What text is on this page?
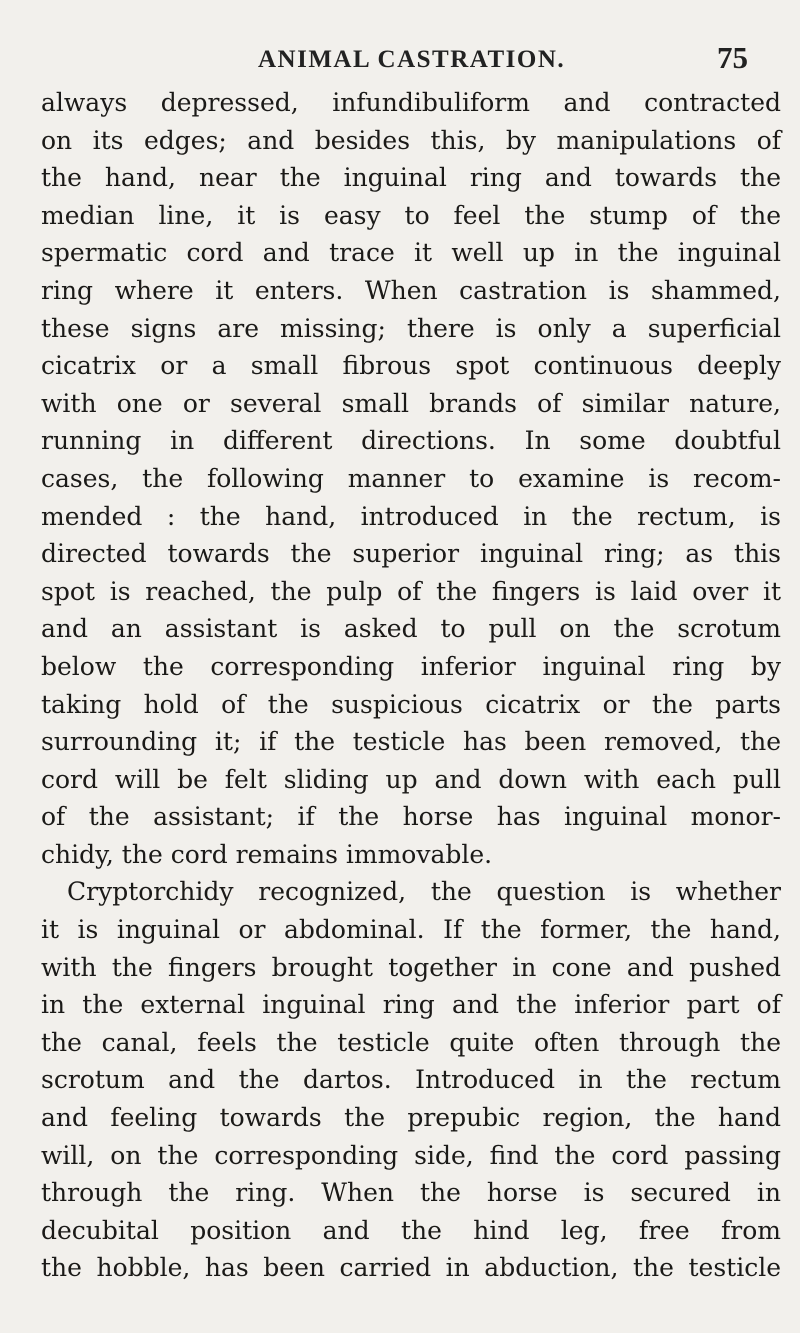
ANIMAL CASTRATION.	75
always depressed, infundibuliform and contracted
on its edges; and besides this, by manipulations of
the hand, near the inguinal ring and towards the
median line, it is easy to feel the stump of the
spermatic cord and trace it well up in the inguinal
ring where it enters. When castration is shammed,
these signs are missing; there is only a superficial
cicatrix or a small fibrous spot continuous deeply
with one or several small brands of similar nature,
running in different directions. In some doubtful
cases, the following manner to examine is recom-
mended : the hand, introduced in the rectum, is
directed towards the superior inguinal ring; as this
spot is reached, the pulp of the fingers is laid over it
and an assistant is asked to pull on the scrotum
below the corresponding inferior inguinal ring by
taking hold of the suspicious cicatrix or the parts
surrounding it; if the testicle has been removed, the
cord will be felt sliding up and down with each pull
of the assistant; if the horse has inguinal monor-
chidy, the cord remains immovable.
Cryptorchidy recognized, the question is whether
it is inguinal or abdominal. If the former, the hand,
with the fingers brought together in cone and pushed
in the external inguinal ring and the inferior part of
the canal, feels the testicle quite often through the
scrotum and the dartos. Introduced in the rectum
and feeling towards the prepubic region, the hand
will, on the corresponding side, find the cord passing
through the ring. When the horse is secured in
decubital position and the hind leg, free from
the hobble, has been carried in abduction, the testicle
